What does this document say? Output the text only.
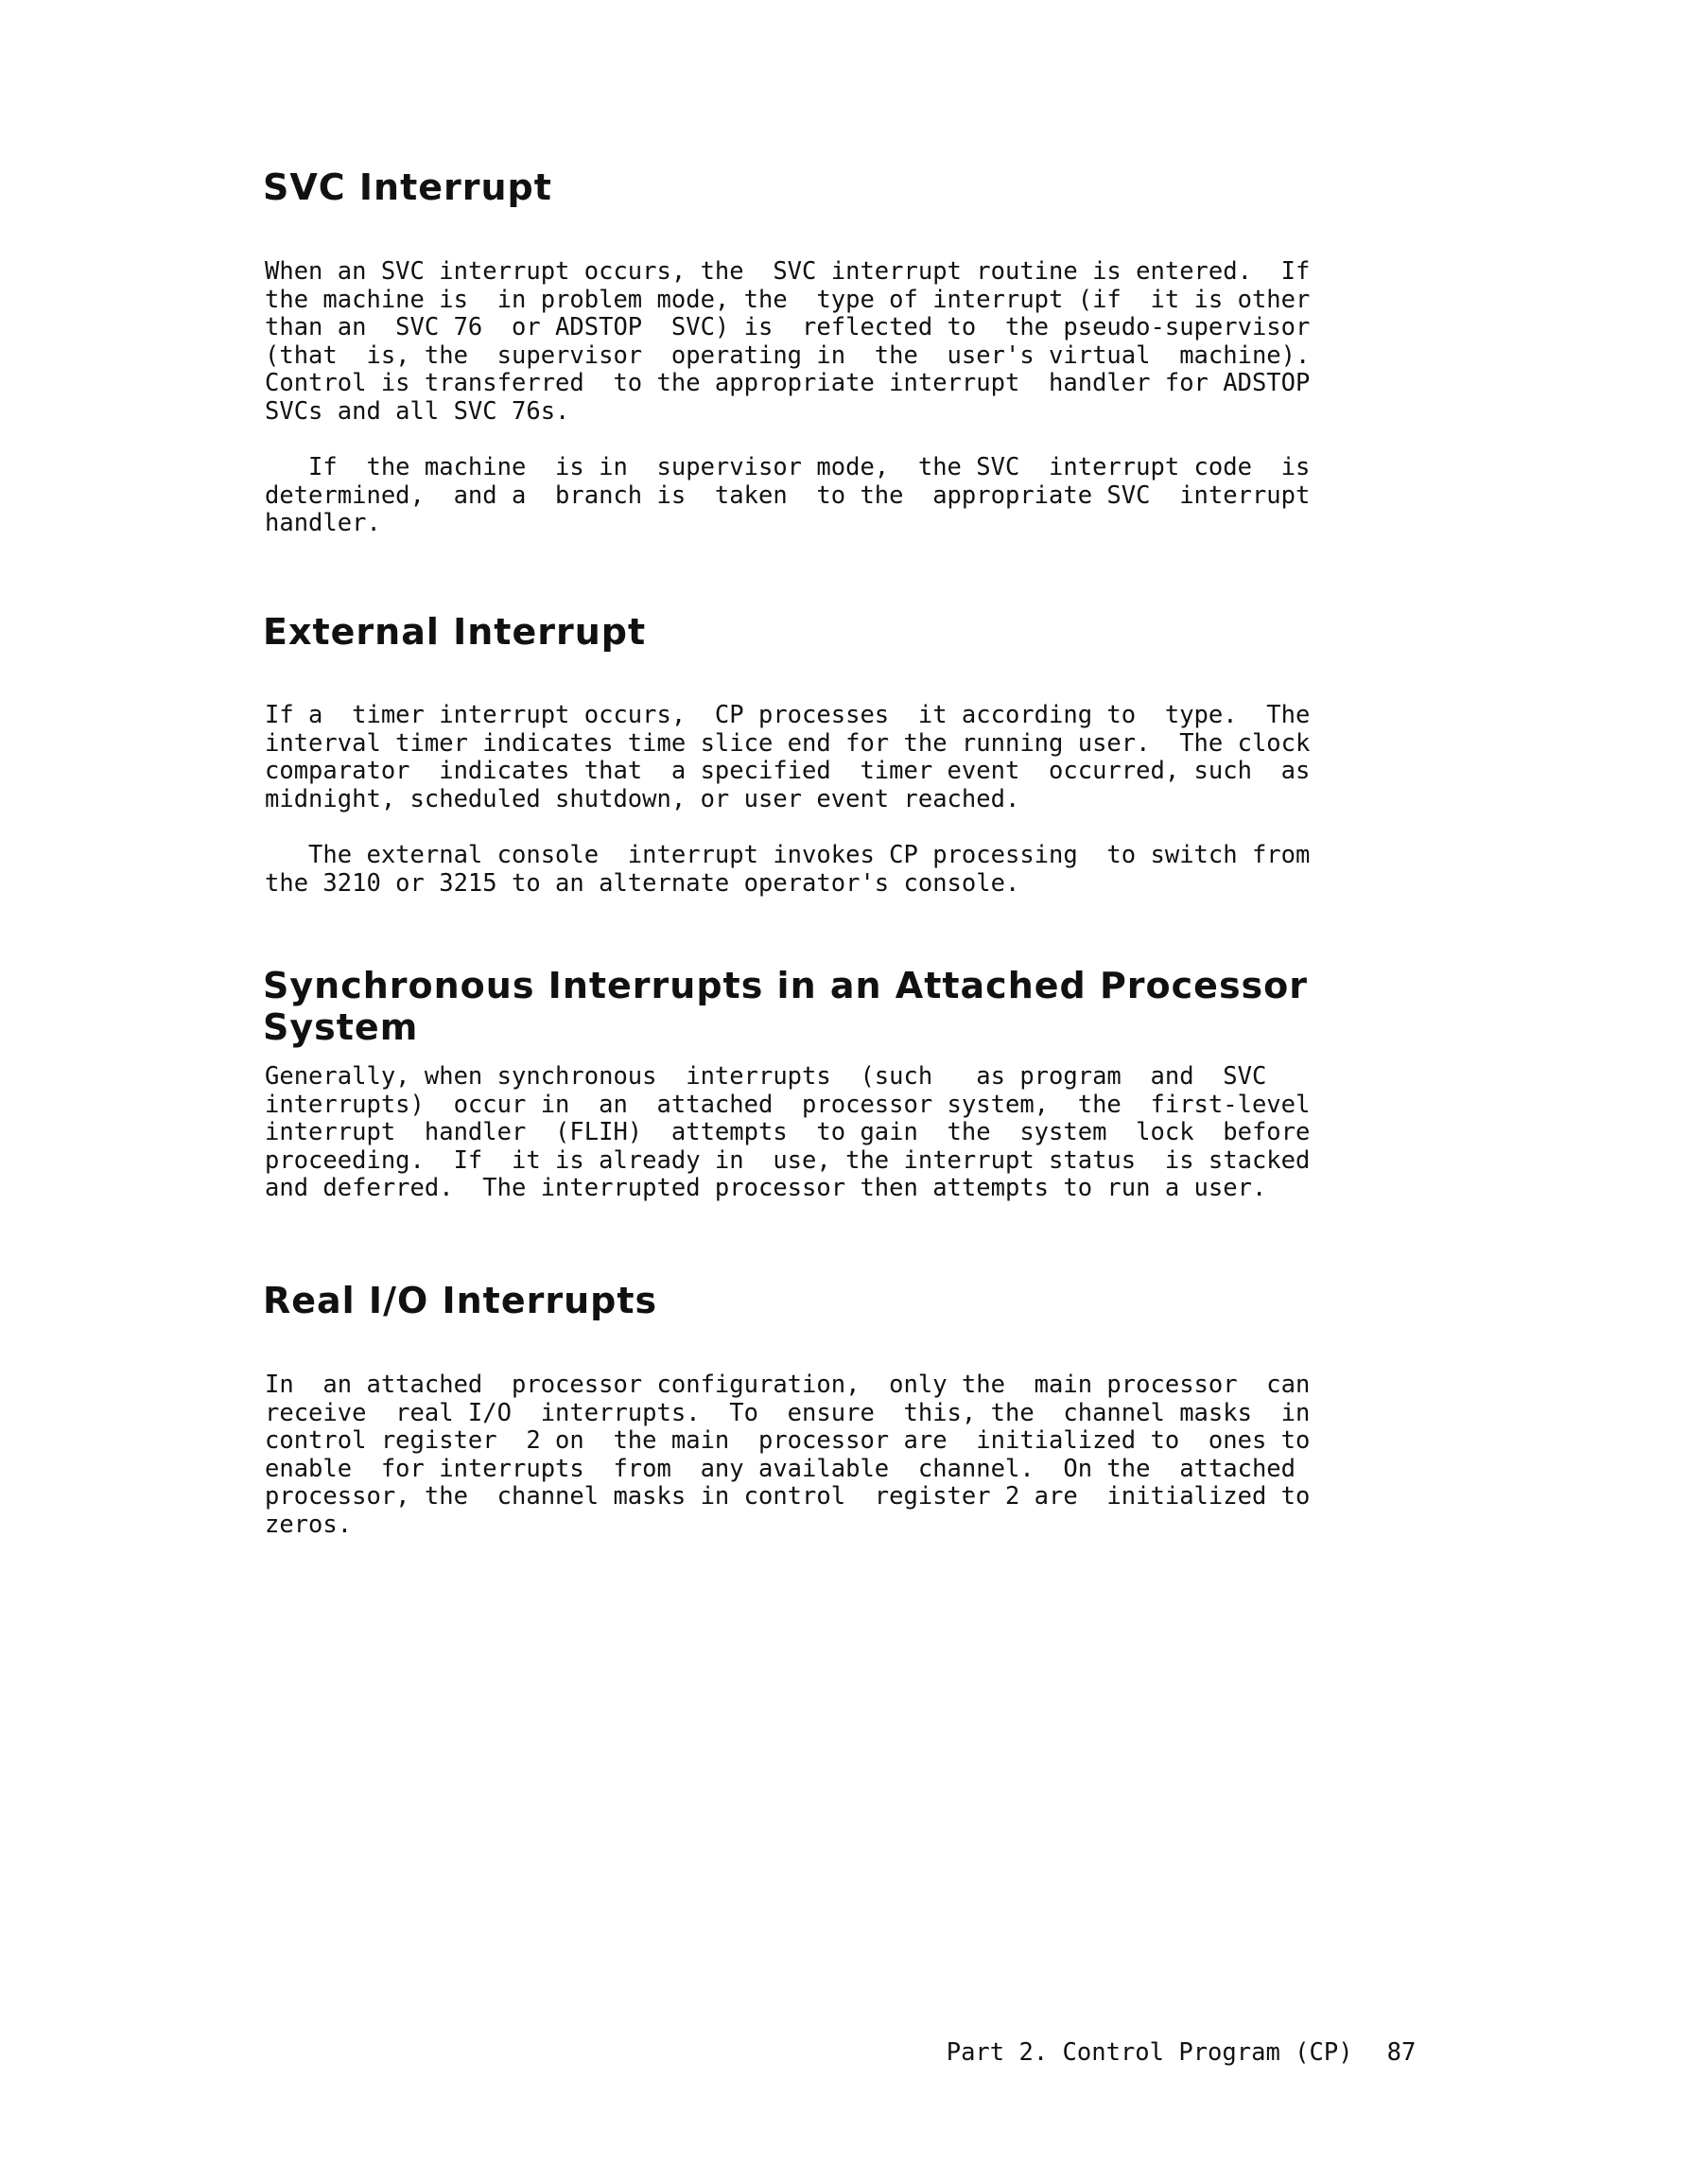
SVC Interrupt

When an SVC interrupt occurs, the  SVC interrupt routine is entered.  If
the machine is  in problem mode, the  type of interrupt (if  it is other
than an  SVC 76  or ADSTOP  SVC) is  reflected to  the pseudo-supervisor
(that  is, the  supervisor  operating in  the  user's virtual  machine).
Control is transferred  to the appropriate interrupt  handler for ADSTOP
SVCs and all SVC 76s.

If  the machine  is in  supervisor mode,  the SVC  interrupt code  is
determined,  and a  branch is  taken  to the  appropriate SVC  interrupt
handler.

External Interrupt

If a  timer interrupt occurs,  CP processes  it according to  type.  The
interval timer indicates time slice end for the running user.  The clock
comparator  indicates that  a specified  timer event  occurred, such  as
midnight, scheduled shutdown, or user event reached.

The external console  interrupt invokes CP processing  to switch from
the 3210 or 3215 to an alternate operator's console.

Synchronous Interrupts in an Attached Processor
System

Generally, when synchronous  interrupts  (such   as program  and  SVC
interrupts)  occur in  an  attached  processor system,  the  first-level
interrupt  handler  (FLIH)  attempts  to gain  the  system  lock  before
proceeding.  If  it is already in  use, the interrupt status  is stacked
and deferred.  The interrupted processor then attempts to run a user.

Real I/O Interrupts

In  an attached  processor configuration,  only the  main processor  can
receive  real I/O  interrupts.  To  ensure  this, the  channel masks  in
control register  2 on  the main  processor are  initialized to  ones to
enable  for interrupts  from  any available  channel.  On the  attached
processor, the  channel masks in control  register 2 are  initialized to
zeros.

Part 2. Control Program (CP) 87
